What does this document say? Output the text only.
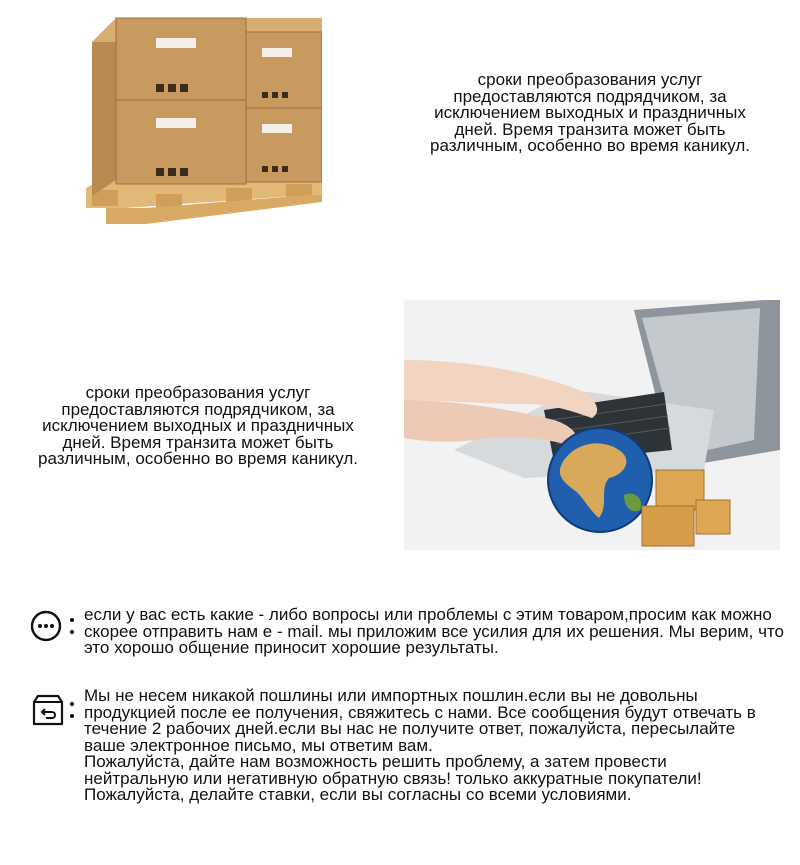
сроки преобразования услуг предоставляются подрядчиком, за исключением выходных и праздничных дней. Время транзита может быть различным, особенно во время каникул.
сроки преобразования услуг предоставляются подрядчиком, за исключением выходных и праздничных дней. Время транзита может быть различным, особенно во время каникул.
если у вас есть какие - либо вопросы или проблемы с этим товаром,просим как можно скорее отправить нам e - mail. мы приложим все усилия для их решения. Мы верим, что это хорошо общение приносит хорошие результаты.
Мы не несем никакой пошлины или импортных пошлин.если вы не довольны продукцией после ее получения, свяжитесь с нами. Все сообщения будут отвечать в течение 2 рабочих дней.если вы нас не получите ответ, пожалуйста, пересылайте ваше электронное письмо, мы ответим вам.
Пожалуйста, дайте нам возможность решить проблему, а затем провести нейтральную или негативную обратную связь! только аккуратные покупатели! Пожалуйста, делайте ставки, если вы согласны со всеми условиями.
